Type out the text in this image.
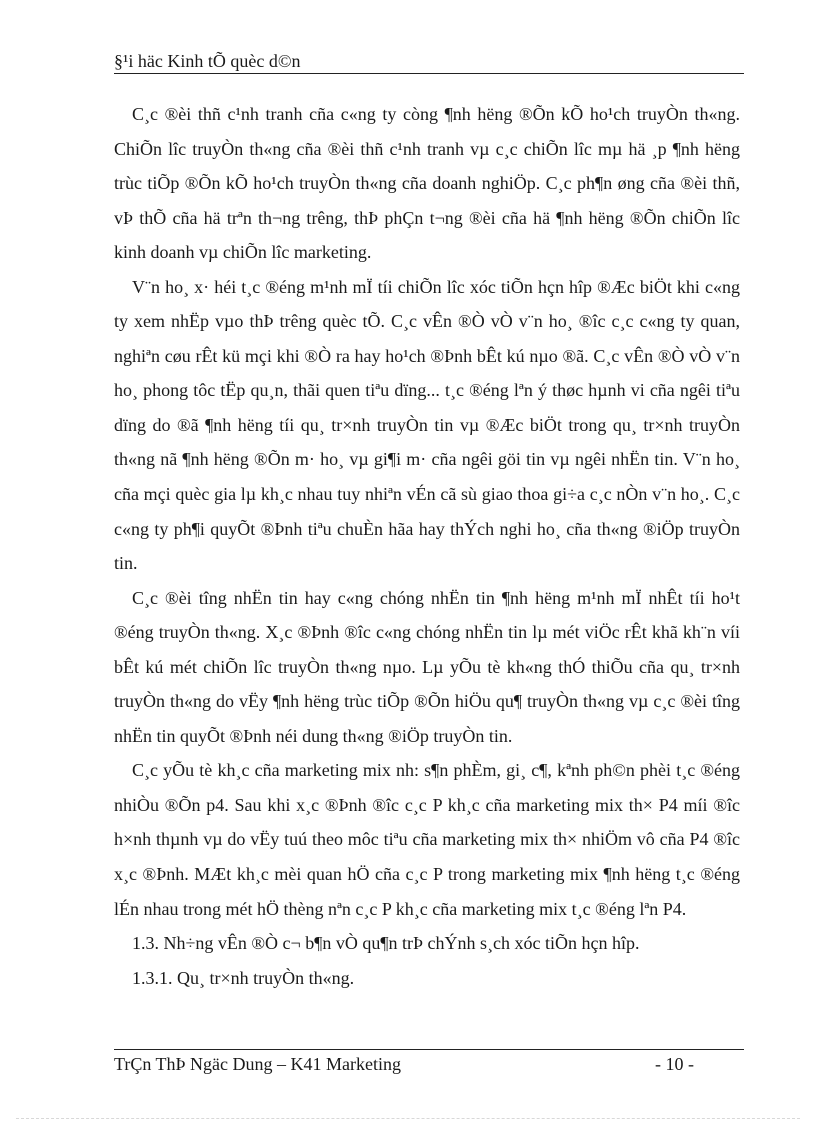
§¹i häc Kinh tÕ quèc d©n

C¸c ®èi thñ c¹nh tranh cña c«ng ty còng ¶nh hëng ®Õn kÕ ho¹ch truyÒn th«ng. ChiÕn lîc truyÒn th«ng cña ®èi thñ c¹nh tranh vµ c¸c chiÕn lîc mµ hä ¸p ¶nh hëng trùc tiÕp ®Õn kÕ ho¹ch truyÒn th«ng cña doanh nghiÖp. C¸c ph¶n øng cña ®èi thñ, vÞ thÕ cña hä trªn th¬ng trêng, thÞ phÇn t¬ng ®èi cña hä ¶nh hëng ®Õn chiÕn lîc kinh doanh vµ chiÕn lîc marketing.

V¨n ho¸ x· héi t¸c ®éng m¹nh mÏ tíi chiÕn lîc xóc tiÕn hçn hîp ®Æc biÖt khi c«ng ty xem nhËp vµo thÞ trêng quèc tÕ. C¸c vÊn ®Ò vÒ v¨n ho¸ ®îc c¸c c«ng ty quan, nghiªn cøu rÊt kü mçi khi ®Ò ra hay ho¹ch ®Þnh bÊt kú nµo ®ã. C¸c vÊn ®Ò vÒ v¨n ho¸ phong tôc tËp qu¸n, thãi quen tiªu dïng... t¸c ®éng lªn ý thøc hµnh vi cña ngêi tiªu dïng do ®ã ¶nh hëng tíi qu¸ tr×nh truyÒn tin vµ ®Æc biÖt trong qu¸ tr×nh truyÒn th«ng nã ¶nh hëng ®Õn m· ho¸ vµ gi¶i m· cña ngêi göi tin vµ ngêi nhËn tin. V¨n ho¸ cña mçi quèc gia lµ kh¸c nhau tuy nhiªn vÉn cã sù giao thoa gi÷a c¸c nÒn v¨n ho¸. C¸c c«ng ty ph¶i quyÕt ®Þnh tiªu chuÈn hãa hay thÝch nghi ho¸ cña th«ng ®iÖp truyÒn tin.

C¸c ®èi tîng nhËn tin hay c«ng chóng nhËn tin ¶nh hëng m¹nh mÏ nhÊt tíi ho¹t ®éng truyÒn th«ng. X¸c ®Þnh ®îc c«ng chóng nhËn tin lµ mét viÖc rÊt khã kh¨n víi bÊt kú mét chiÕn lîc truyÒn th«ng nµo. Lµ yÕu tè kh«ng thÓ thiÕu cña qu¸ tr×nh truyÒn th«ng do vËy ¶nh hëng trùc tiÕp ®Õn hiÖu qu¶ truyÒn th«ng vµ c¸c ®èi tîng nhËn tin quyÕt ®Þnh néi dung th«ng ®iÖp truyÒn tin.

C¸c yÕu tè kh¸c cña marketing mix nh: s¶n phÈm, gi¸ c¶, kªnh ph©n phèi t¸c ®éng nhiÒu ®Õn p4. Sau khi x¸c ®Þnh ®îc c¸c P kh¸c cña marketing mix th× P4 míi ®îc h×nh thµnh vµ do vËy tuú theo môc tiªu cña marketing mix th× nhiÖm vô cña P4 ®îc x¸c ®Þnh. MÆt kh¸c mèi quan hÖ cña c¸c P trong marketing mix ¶nh hëng t¸c ®éng lÉn nhau trong mét hÖ thèng nªn c¸c P kh¸c cña marketing mix t¸c ®éng lªn P4.

1.3. Nh÷ng vÊn ®Ò c¬ b¶n vÒ qu¶n trÞ chÝnh s¸ch xóc tiÕn hçn hîp.

1.3.1. Qu¸ tr×nh truyÒn th«ng.

TrÇn ThÞ Ngäc Dung – K41 Marketing	- 10 -
